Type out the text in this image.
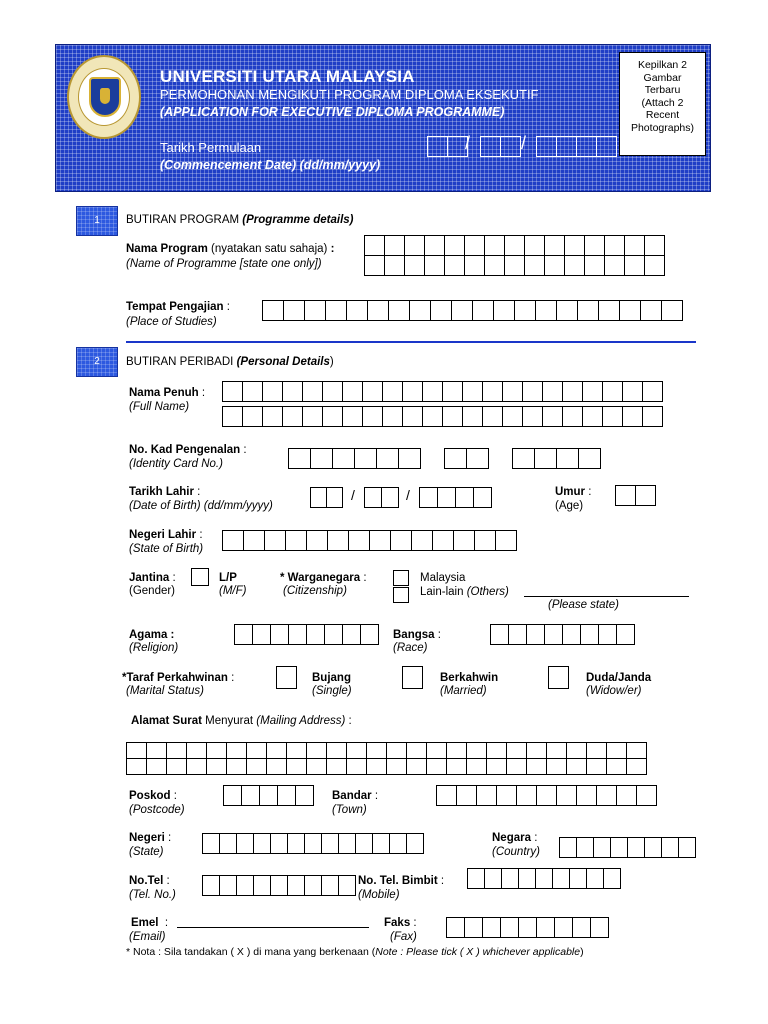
UNIVERSITI UTARA MALAYSIA
PERMOHONAN MENGIKUTI PROGRAM DIPLOMA EKSEKUTIF
(APPLICATION FOR EXECUTIVE DIPLOMA PROGRAMME)
Tarikh Permulaan
(Commencement Date) (dd/mm/yyyy)
/	/
Kepilkan 2
Gambar
Terbaru
(Attach 2
Recent
Photographs)
1	BUTIRAN PROGRAM (Programme details)
Nama Program (nyatakan satu sahaja) :
(Name of Programme [state one only])
Tempat Pengajian :
(Place of Studies)
2	BUTIRAN PERIBADI (Personal Details)
Nama Penuh :
(Full Name)
No. Kad Pengenalan :
(Identity Card No.)
Tarikh Lahir :
(Date of Birth) (dd/mm/yyyy)
/	/	Umur :
(Age)
Negeri Lahir :
(State of Birth)
Jantina :
(Gender)
L/P
(M/F)
* Warganegara :
(Citizenship)
Malaysia
Lain-lain (Others)
(Please state)
Agama :
(Religion)
Bangsa :
(Race)
*Taraf Perkahwinan :
(Marital Status)
Bujang
(Single)
Berkahwin
(Married)
Duda/Janda
(Widow/er)
Alamat Surat Menyurat (Mailing Address) :
Poskod :
(Postcode)
Bandar :
(Town)
Negeri :
(State)
Negara :
(Country)
No.Tel :
(Tel. No.)
No. Tel. Bimbit :
(Mobile)
Emel :
(Email)
Faks :
(Fax)
* Nota : Sila tandakan ( X ) di mana yang berkenaan (Note : Please tick ( X ) whichever applicable)
